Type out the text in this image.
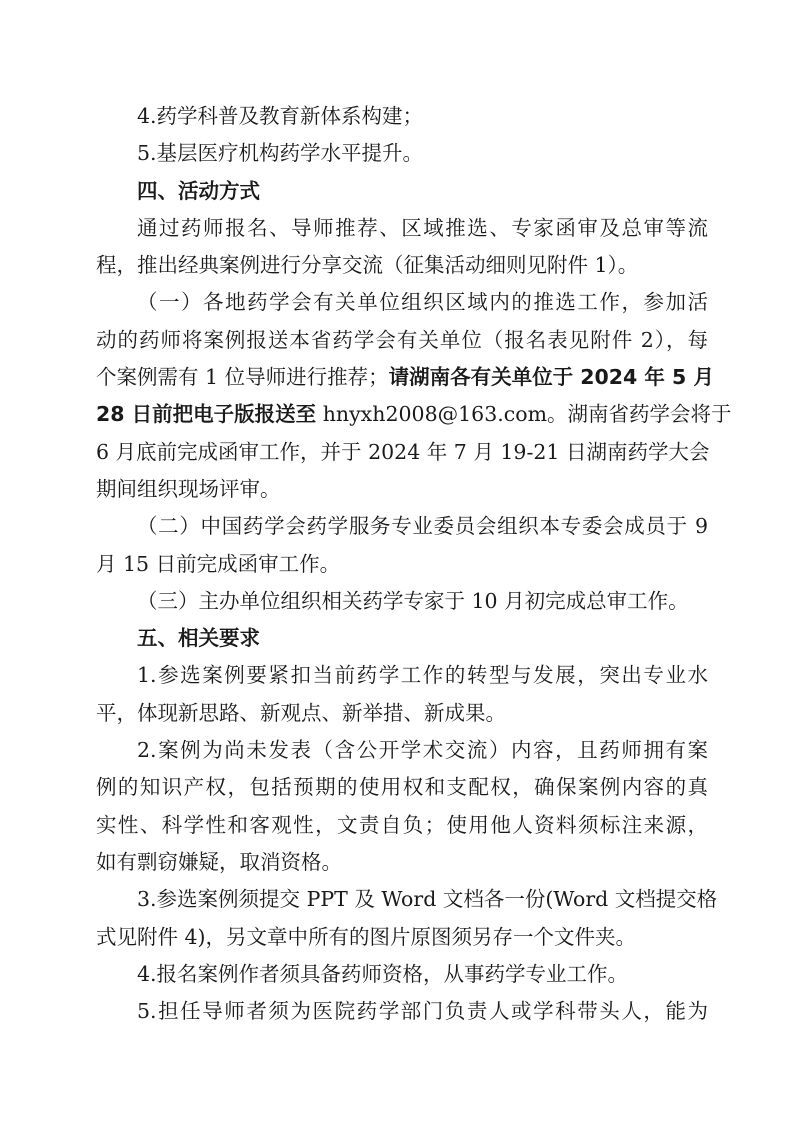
4.药学科普及教育新体系构建；
5.基层医疗机构药学水平提升。
四、活动方式
通过药师报名、导师推荐、区域推选、专家函审及总审等流
程，推出经典案例进行分享交流（征集活动细则见附件 1）。
（一）各地药学会有关单位组织区域内的推选工作，参加活
动的药师将案例报送本省药学会有关单位（报名表见附件 2），每
个案例需有 1 位导师进行推荐；请湖南各有关单位于 2024 年 5 月
28 日前把电子版报送至 hnyxh2008@163.com。湖南省药学会将于
6 月底前完成函审工作，并于 2024 年 7 月 19-21 日湖南药学大会
期间组织现场评审。
（二）中国药学会药学服务专业委员会组织本专委会成员于 9
月 15 日前完成函审工作。
（三）主办单位组织相关药学专家于 10 月初完成总审工作。
五、相关要求
1.参选案例要紧扣当前药学工作的转型与发展，突出专业水
平，体现新思路、新观点、新举措、新成果。
2.案例为尚未发表（含公开学术交流）内容，且药师拥有案
例的知识产权，包括预期的使用权和支配权，确保案例内容的真
实性、科学性和客观性，文责自负；使用他人资料须标注来源，
如有剽窃嫌疑，取消资格。
3.参选案例须提交 PPT 及 Word 文档各一份(Word 文档提交格
式见附件 4)，另文章中所有的图片原图须另存一个文件夹。
4.报名案例作者须具备药师资格，从事药学专业工作。
5.担任导师者须为医院药学部门负责人或学科带头人，能为
